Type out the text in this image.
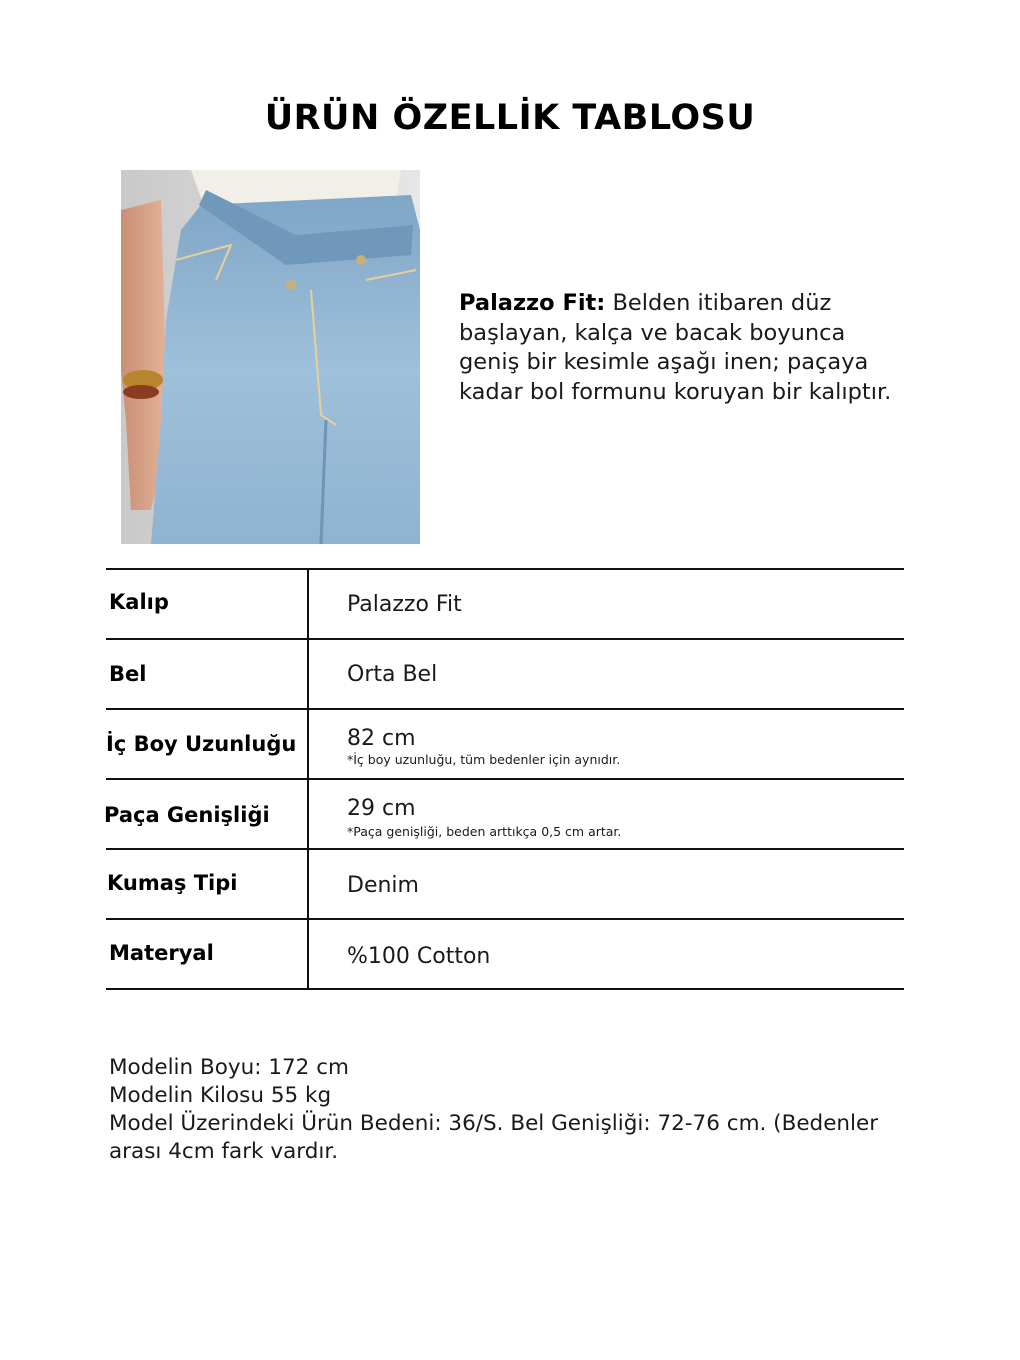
ÜRÜN ÖZELLİK TABLOSU
Palazzo Fit: Belden itibaren düz
başlayan, kalça ve bacak boyunca
geniş bir kesimle aşağı inen; paçaya
kadar bol formunu koruyan bir kalıptır.
Kalıp	Palazzo Fit
Bel	Orta Bel
İç Boy Uzunluğu 82 cm
*İç boy uzunluğu, tüm bedenler için aynıdır.
Paça Genişliği	29 cm
*Paça genişliği, beden arttıkça 0,5 cm artar.
Kumaş Tipi	Denim
Materyal	%100 Cotton
Modelin Boyu: 172 cm
Modelin Kilosu 55 kg
Model Üzerindeki Ürün Bedeni: 36/S. Bel Genişliği: 72-76 cm. (Bedenler
arası 4cm fark vardır.
